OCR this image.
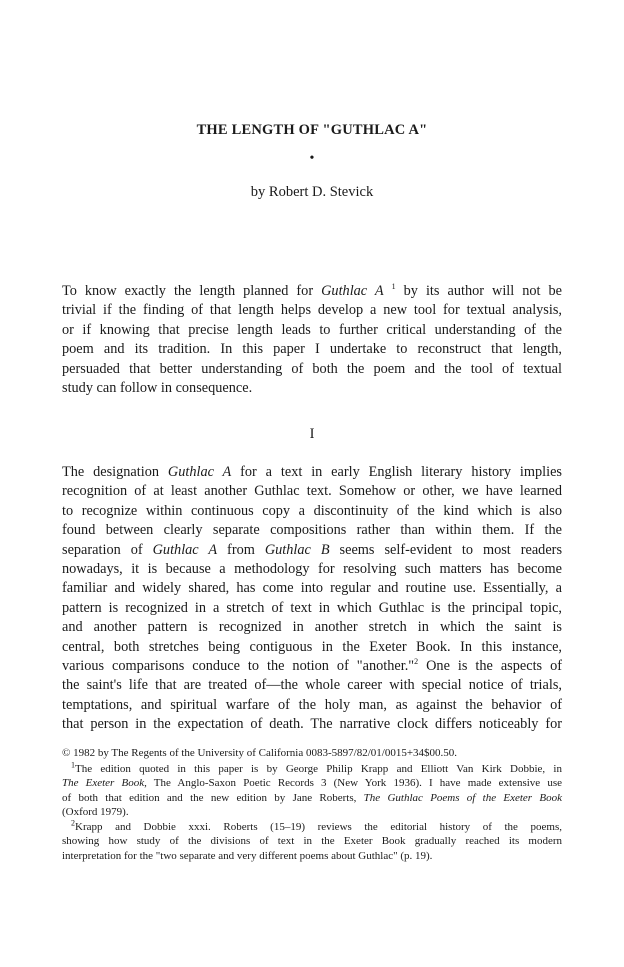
THE LENGTH OF "GUTHLAC A"
•
by Robert D. Stevick

To know exactly the length planned for Guthlac A $^1$ by its author will not be
trivial if the finding of that length helps develop a new tool for textual analysis,
or if knowing that precise length leads to further critical understanding of the
poem and its tradition. In this paper I undertake to reconstruct that length,
persuaded that better understanding of both the poem and the tool of textual
study can follow in consequence.

I

The designation Guthlac A for a text in early English literary history implies
recognition of at least another Guthlac text. Somehow or other, we have learned
to recognize within continuous copy a discontinuity of the kind which is also
found between clearly separate compositions rather than within them. If the
separation of Guthlac A from Guthlac B seems self-evident to most readers
nowadays, it is because a methodology for resolving such matters has become
familiar and widely shared, has come into regular and routine use. Essentially, a
pattern is recognized in a stretch of text in which Guthlac is the principal topic,
and another pattern is recognized in another stretch in which the saint is
central, both stretches being contiguous in the Exeter Book. In this instance,
various comparisons conduce to the notion of "another."$^2$ One is the aspects of
the saint's life that are treated of—the whole career with special notice of trials,
temptations, and spiritual warfare of the holy man, as against the behavior of
that person in the expectation of death. The narrative clock differs noticeably for

© 1982 by The Regents of the University of California 0083-5897/82/01/0015+34$00.50.
$^1$The edition quoted in this paper is by George Philip Krapp and Elliott Van Kirk Dobbie, in
The Exeter Book, The Anglo-Saxon Poetic Records 3 (New York 1936). I have made extensive use
of both that edition and the new edition by Jane Roberts, The Guthlac Poems of the Exeter Book
(Oxford 1979).
$^2$Krapp and Dobbie xxxi. Roberts (15–19) reviews the editorial history of the poems,
showing how study of the divisions of text in the Exeter Book gradually reached its modern
interpretation for the "two separate and very different poems about Guthlac" (p. 19).
